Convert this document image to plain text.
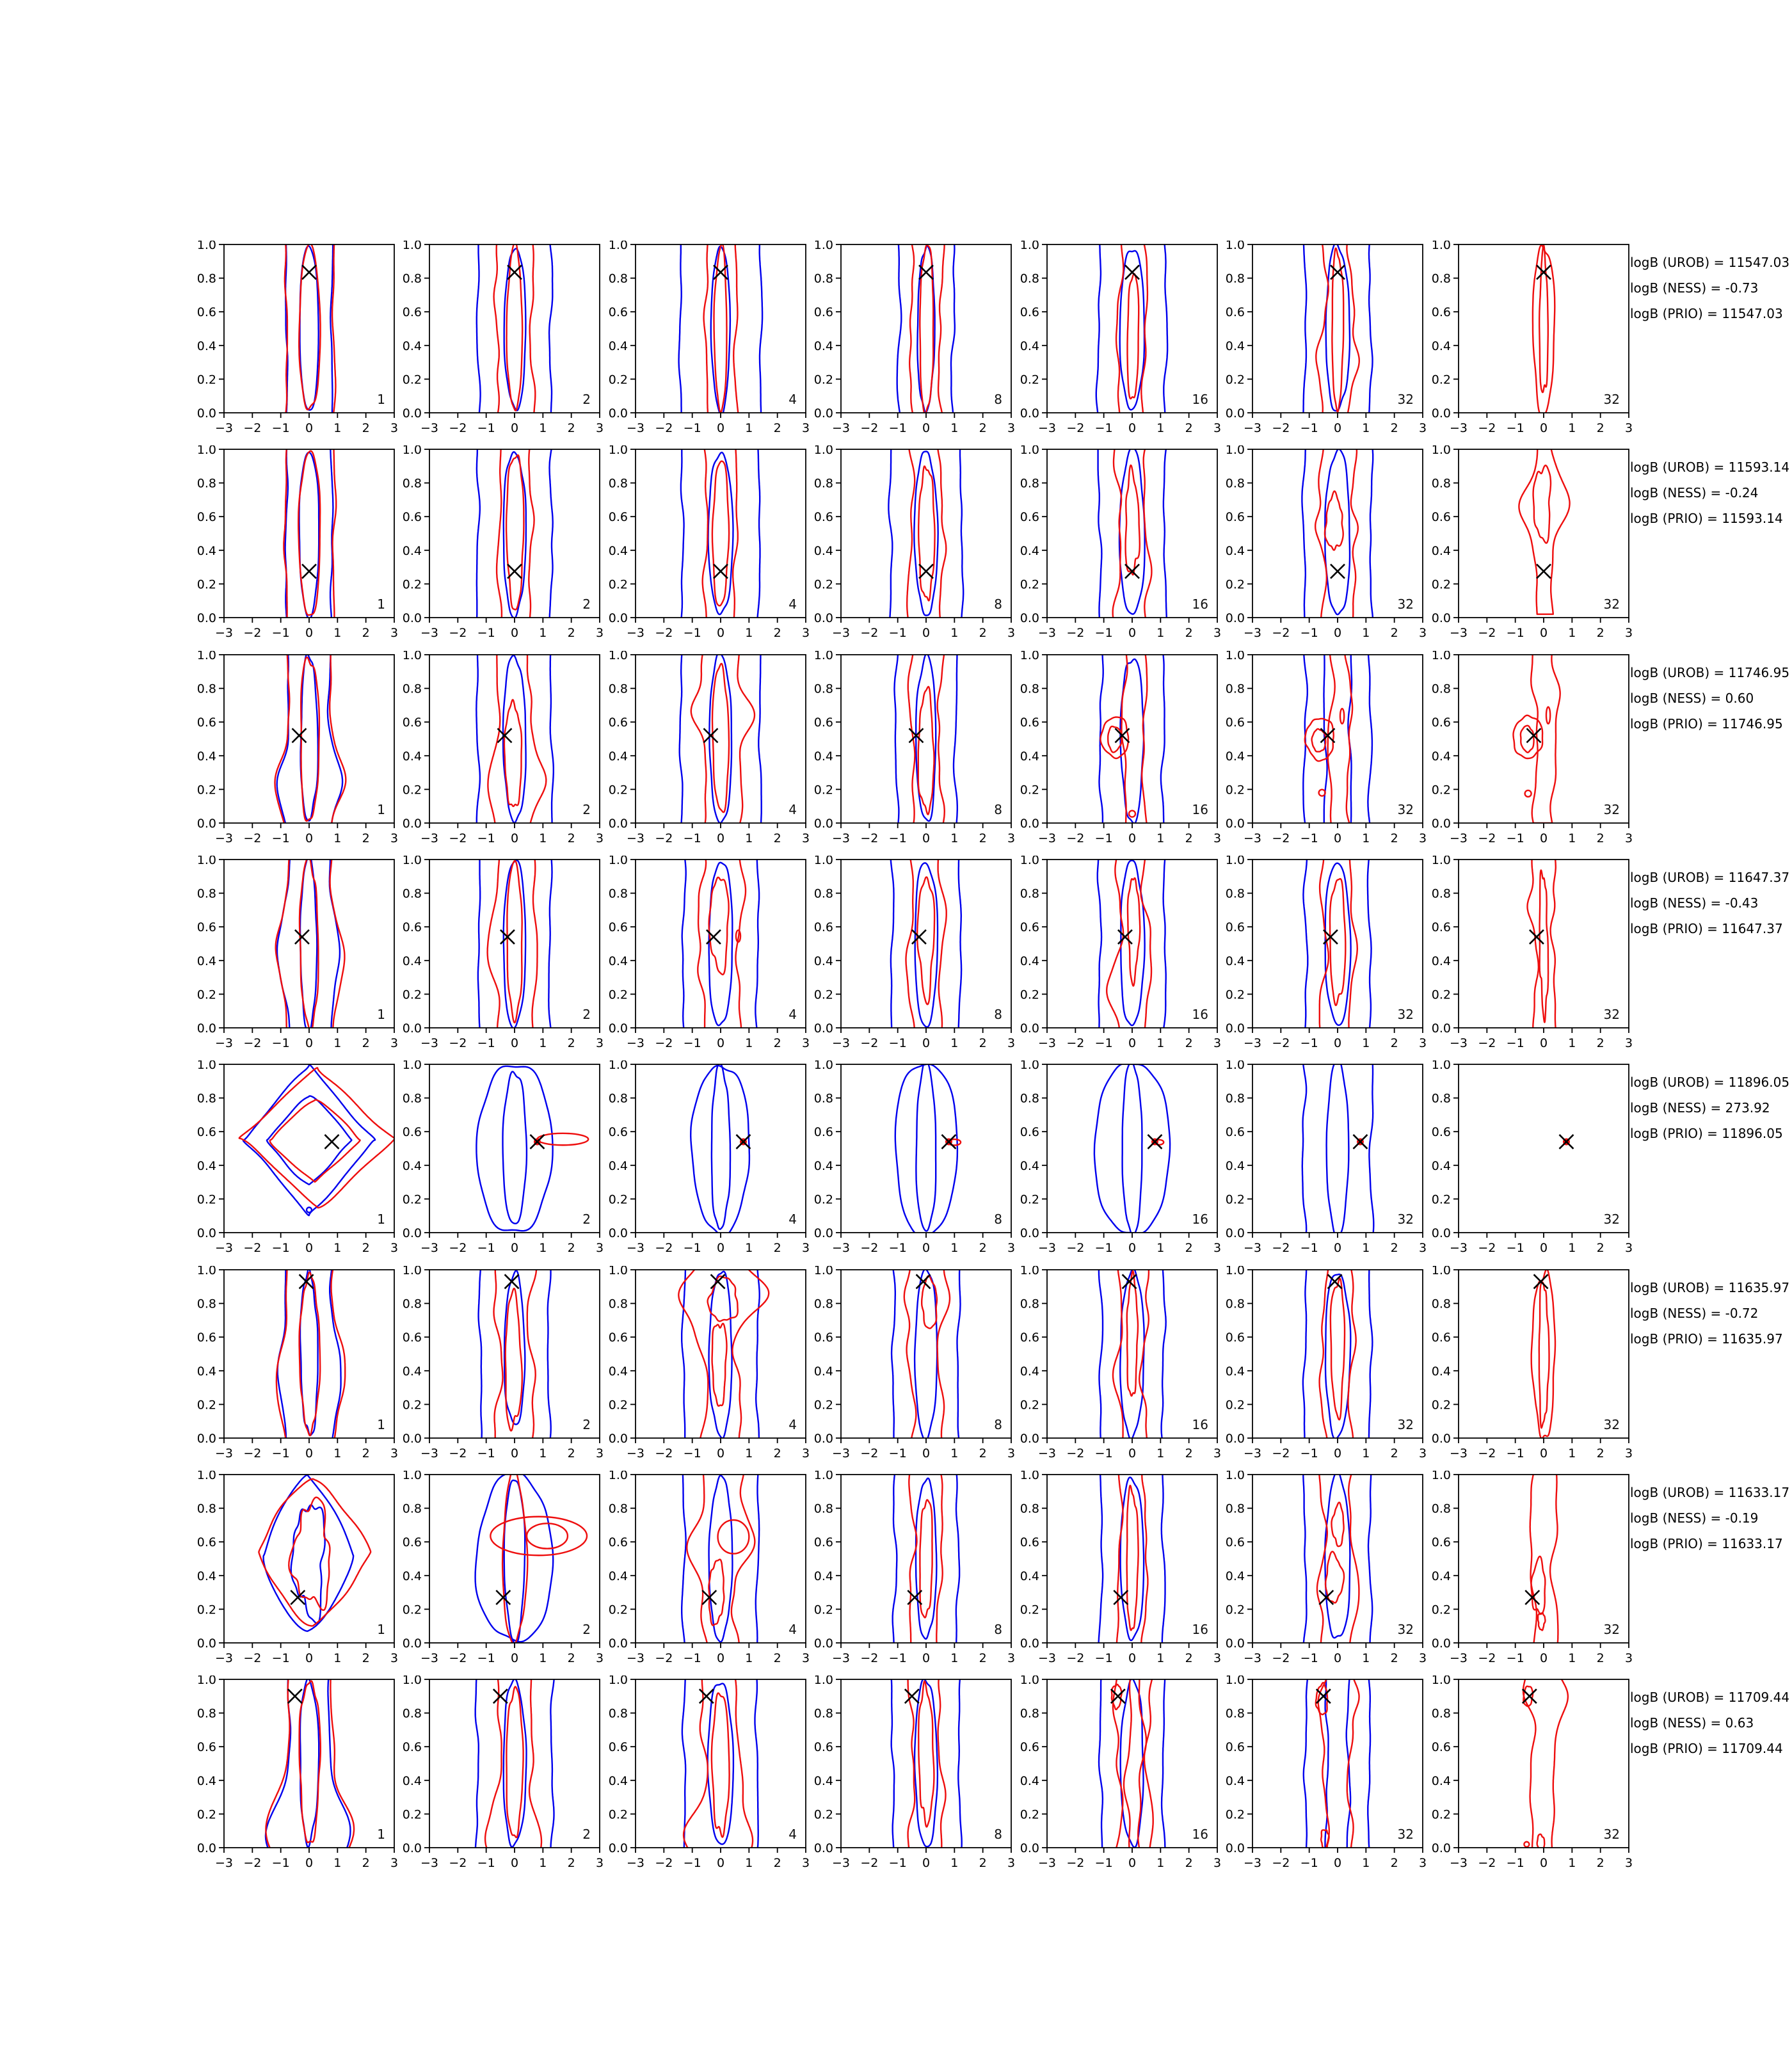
−3 −2 −1 0 1 2 3
0.0
0.2
0.4
0.6
0.8
1.0
1
−3 −2 −1 0 1 2 3
0.0
0.2
0.4
0.6
0.8
1.0
2
−3 −2 −1 0 1 2 3
0.0
0.2
0.4
0.6
0.8
1.0
4
−3 −2 −1 0 1 2 3
0.0
0.2
0.4
0.6
0.8
1.0
8
−3 −2 −1 0 1 2 3
0.0
0.2
0.4
0.6
0.8
1.0
16
−3 −2 −1 0 1 2 3
0.0
0.2
0.4
0.6
0.8
1.0
32
−3 −2 −1 0 1 2 3
0.0
0.2
0.4
0.6
0.8
1.0
32
logB (UROB) = 11547.03
logB (NESS) = -0.73
logB (PRIO) = 11547.03
−3 −2 −1 0 1 2 3
0.0
0.2
0.4
0.6
0.8
1.0
1
−3 −2 −1 0 1 2 3
0.0
0.2
0.4
0.6
0.8
1.0
2
−3 −2 −1 0 1 2 3
0.0
0.2
0.4
0.6
0.8
1.0
4
−3 −2 −1 0 1 2 3
0.0
0.2
0.4
0.6
0.8
1.0
8
−3 −2 −1 0 1 2 3
0.0
0.2
0.4
0.6
0.8
1.0
16
−3 −2 −1 0 1 2 3
0.0
0.2
0.4
0.6
0.8
1.0
32
−3 −2 −1 0 1 2 3
0.0
0.2
0.4
0.6
0.8
1.0
32
logB (UROB) = 11593.14
logB (NESS) = -0.24
logB (PRIO) = 11593.14
−3 −2 −1 0 1 2 3
0.0
0.2
0.4
0.6
0.8
1.0
1
−3 −2 −1 0 1 2 3
0.0
0.2
0.4
0.6
0.8
1.0
2
−3 −2 −1 0 1 2 3
0.0
0.2
0.4
0.6
0.8
1.0
4
−3 −2 −1 0 1 2 3
0.0
0.2
0.4
0.6
0.8
1.0
8
−3 −2 −1 0 1 2 3
0.0
0.2
0.4
0.6
0.8
1.0
16
−3 −2 −1 0 1 2 3
0.0
0.2
0.4
0.6
0.8
1.0
32
−3 −2 −1 0 1 2 3
0.0
0.2
0.4
0.6
0.8
1.0
32
logB (UROB) = 11746.95
logB (NESS) = 0.60
logB (PRIO) = 11746.95
−3 −2 −1 0 1 2 3
0.0
0.2
0.4
0.6
0.8
1.0
1
−3 −2 −1 0 1 2 3
0.0
0.2
0.4
0.6
0.8
1.0
2
−3 −2 −1 0 1 2 3
0.0
0.2
0.4
0.6
0.8
1.0
4
−3 −2 −1 0 1 2 3
0.0
0.2
0.4
0.6
0.8
1.0
8
−3 −2 −1 0 1 2 3
0.0
0.2
0.4
0.6
0.8
1.0
16
−3 −2 −1 0 1 2 3
0.0
0.2
0.4
0.6
0.8
1.0
32
−3 −2 −1 0 1 2 3
0.0
0.2
0.4
0.6
0.8
1.0
32
logB (UROB) = 11647.37
logB (NESS) = -0.43
logB (PRIO) = 11647.37
−3 −2 −1 0 1 2 3
0.0
0.2
0.4
0.6
0.8
1.0
1
−3 −2 −1 0 1 2 3
0.0
0.2
0.4
0.6
0.8
1.0
2
−3 −2 −1 0 1 2 3
0.0
0.2
0.4
0.6
0.8
1.0
4
−3 −2 −1 0 1 2 3
0.0
0.2
0.4
0.6
0.8
1.0
8
−3 −2 −1 0 1 2 3
0.0
0.2
0.4
0.6
0.8
1.0
16
−3 −2 −1 0 1 2 3
0.0
0.2
0.4
0.6
0.8
1.0
32
−3 −2 −1 0 1 2 3
0.0
0.2
0.4
0.6
0.8
1.0
32
logB (UROB) = 11896.05
logB (NESS) = 273.92
logB (PRIO) = 11896.05
−3 −2 −1 0 1 2 3
0.0
0.2
0.4
0.6
0.8
1.0
1
−3 −2 −1 0 1 2 3
0.0
0.2
0.4
0.6
0.8
1.0
2
−3 −2 −1 0 1 2 3
0.0
0.2
0.4
0.6
0.8
1.0
4
−3 −2 −1 0 1 2 3
0.0
0.2
0.4
0.6
0.8
1.0
8
−3 −2 −1 0 1 2 3
0.0
0.2
0.4
0.6
0.8
1.0
16
−3 −2 −1 0 1 2 3
0.0
0.2
0.4
0.6
0.8
1.0
32
−3 −2 −1 0 1 2 3
0.0
0.2
0.4
0.6
0.8
1.0
32
logB (UROB) = 11635.97
logB (NESS) = -0.72
logB (PRIO) = 11635.97
−3 −2 −1 0 1 2 3
0.0
0.2
0.4
0.6
0.8
1.0
1
−3 −2 −1 0 1 2 3
0.0
0.2
0.4
0.6
0.8
1.0
2
−3 −2 −1 0 1 2 3
0.0
0.2
0.4
0.6
0.8
1.0
4
−3 −2 −1 0 1 2 3
0.0
0.2
0.4
0.6
0.8
1.0
8
−3 −2 −1 0 1 2 3
0.0
0.2
0.4
0.6
0.8
1.0
16
−3 −2 −1 0 1 2 3
0.0
0.2
0.4
0.6
0.8
1.0
32
−3 −2 −1 0 1 2 3
0.0
0.2
0.4
0.6
0.8
1.0
32
logB (UROB) = 11633.17
logB (NESS) = -0.19
logB (PRIO) = 11633.17
−3 −2 −1 0 1 2 3
0.0
0.2
0.4
0.6
0.8
1.0
1
−3 −2 −1 0 1 2 3
0.0
0.2
0.4
0.6
0.8
1.0
2
−3 −2 −1 0 1 2 3
0.0
0.2
0.4
0.6
0.8
1.0
4
−3 −2 −1 0 1 2 3
0.0
0.2
0.4
0.6
0.8
1.0
8
−3 −2 −1 0 1 2 3
0.0
0.2
0.4
0.6
0.8
1.0
16
−3 −2 −1 0 1 2 3
0.0
0.2
0.4
0.6
0.8
1.0
32
−3 −2 −1 0 1 2 3
0.0
0.2
0.4
0.6
0.8
1.0
32
logB (UROB) = 11709.44
logB (NESS) = 0.63
logB (PRIO) = 11709.44
